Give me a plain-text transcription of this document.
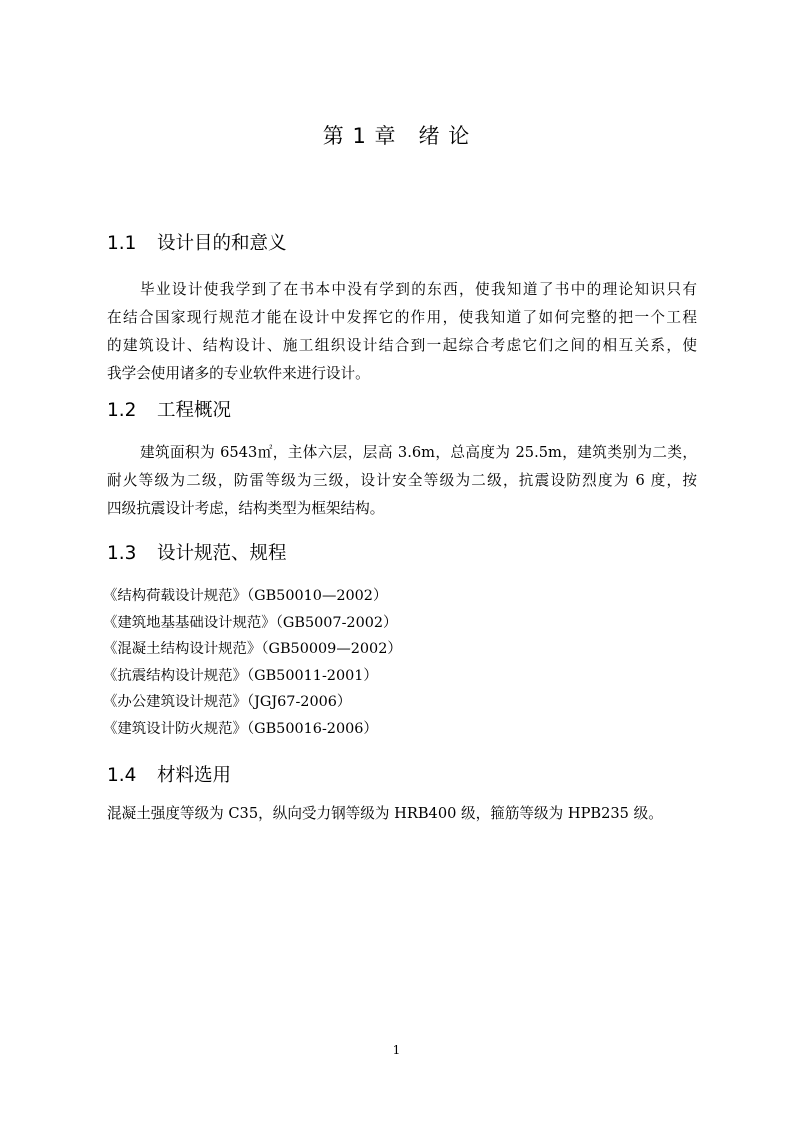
第 1 章 绪 论
1.1 设计目的和意义
毕业设计使我学到了在书本中没有学到的东西，使我知道了书中的理论知识只有
在结合国家现行规范才能在设计中发挥它的作用，使我知道了如何完整的把一个工程
的建筑设计、结构设计、施工组织设计结合到一起综合考虑它们之间的相互关系，使
我学会使用诸多的专业软件来进行设计。
1.2 工程概况
建筑面积为 6543㎡，主体六层，层高 3.6m，总高度为 25.5m，建筑类别为二类，
耐火等级为二级，防雷等级为三级，设计安全等级为二级，抗震设防烈度为 6 度，按
四级抗震设计考虑，结构类型为框架结构。
1.3 设计规范、规程
《结构荷载设计规范》（GB50010—2002）
《建筑地基基础设计规范》（GB5007-2002）
《混凝土结构设计规范》（GB50009—2002）
《抗震结构设计规范》（GB50011-2001）
《办公建筑设计规范》（JGJ67-2006）
《建筑设计防火规范》（GB50016-2006）
1.4 材料选用
混凝土强度等级为 C35，纵向受力钢等级为 HRB400 级，箍筋等级为 HPB235 级。
1
